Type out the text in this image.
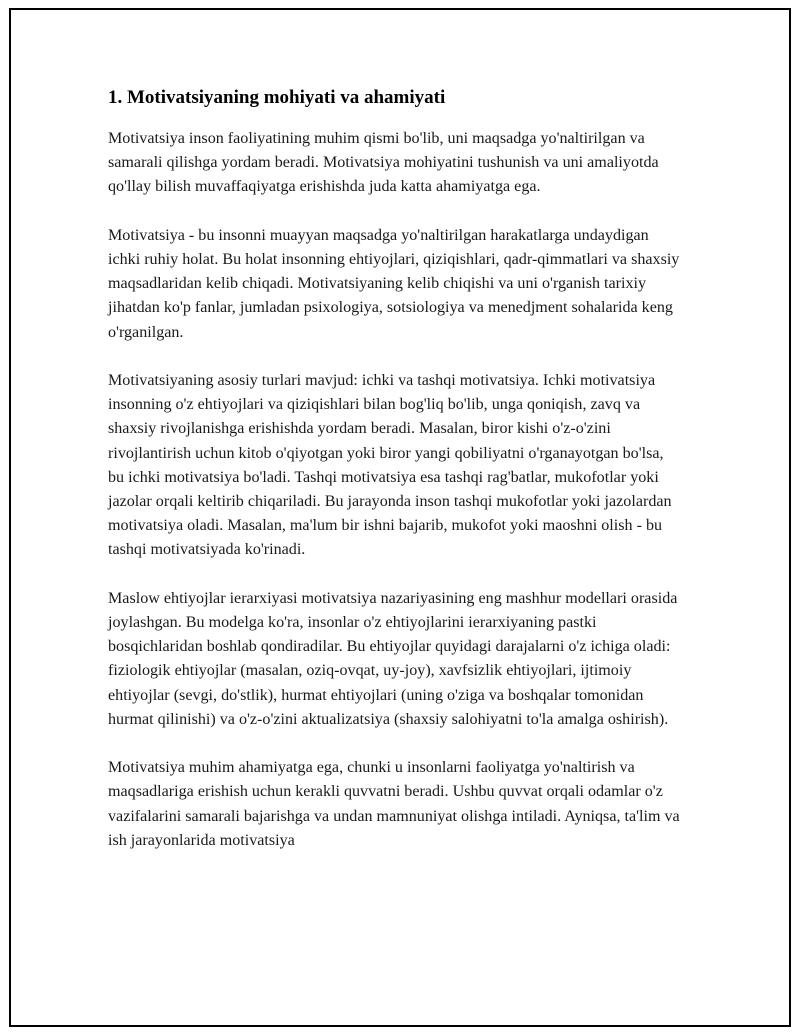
1. Motivatsiyaning mohiyati va ahamiyati

Motivatsiya inson faoliyatining muhim qismi bo'lib, uni maqsadga yo'naltirilgan va samarali qilishga yordam beradi. Motivatsiya mohiyatini tushunish va uni amaliyotda qo'llay bilish muvaffaqiyatga erishishda juda katta ahamiyatga ega.

Motivatsiya - bu insonni muayyan maqsadga yo'naltirilgan harakatlarga undaydigan ichki ruhiy holat. Bu holat insonning ehtiyojlari, qiziqishlari, qadr-qimmatlari va shaxsiy maqsadlaridan kelib chiqadi. Motivatsiyaning kelib chiqishi va uni o'rganish tarixiy jihatdan ko'p fanlar, jumladan psixologiya, sotsiologiya va menedjment sohalarida keng o'rganilgan.

Motivatsiyaning asosiy turlari mavjud: ichki va tashqi motivatsiya. Ichki motivatsiya insonning o'z ehtiyojlari va qiziqishlari bilan bog'liq bo'lib, unga qoniqish, zavq va shaxsiy rivojlanishga erishishda yordam beradi. Masalan, biror kishi o'z-o'zini rivojlantirish uchun kitob o'qiyotgan yoki biror yangi qobiliyatni o'rganayotgan bo'lsa, bu ichki motivatsiya bo'ladi. Tashqi motivatsiya esa tashqi rag'batlar, mukofotlar yoki jazolar orqali keltirib chiqariladi. Bu jarayonda inson tashqi mukofotlar yoki jazolardan motivatsiya oladi. Masalan, ma'lum bir ishni bajarib, mukofot yoki maoshni olish - bu tashqi motivatsiyada ko'rinadi.

Maslow ehtiyojlar ierarxiyasi motivatsiya nazariyasining eng mashhur modellari orasida joylashgan. Bu modelga ko'ra, insonlar o'z ehtiyojlarini ierarxiyaning pastki bosqichlaridan boshlab qondiradilar. Bu ehtiyojlar quyidagi darajalarni o'z ichiga oladi: fiziologik ehtiyojlar (masalan, oziq-ovqat, uy-joy), xavfsizlik ehtiyojlari, ijtimoiy ehtiyojlar (sevgi, do'stlik), hurmat ehtiyojlari (uning o'ziga va boshqalar tomonidan hurmat qilinishi) va o'z-o'zini aktualizatsiya (shaxsiy salohiyatni to'la amalga oshirish).

Motivatsiya muhim ahamiyatga ega, chunki u insonlarni faoliyatga yo'naltirish va maqsadlariga erishish uchun kerakli quvvatni beradi. Ushbu quvvat orqali odamlar o'z vazifalarini samarali bajarishga va undan mamnuniyat olishga intiladi. Ayniqsa, ta'lim va ish jarayonlarida motivatsiya
